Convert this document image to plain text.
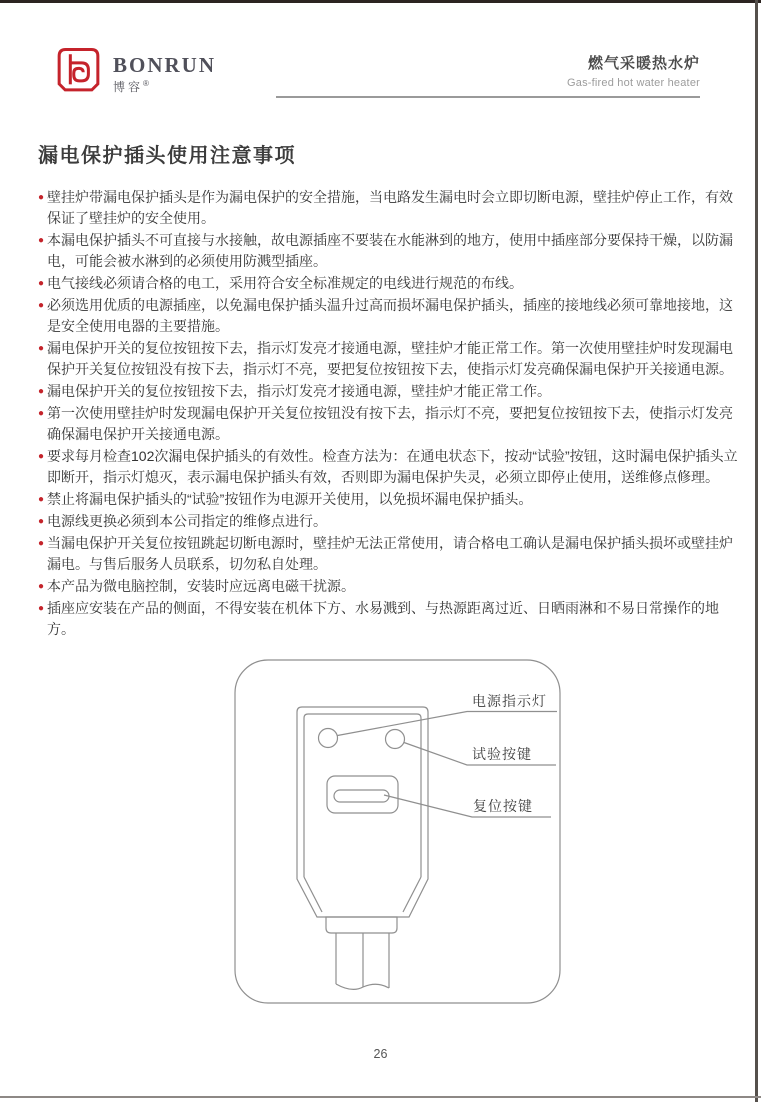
BONRUN
博容®
燃气采暖热水炉
Gas-fired hot water heater
漏电保护插头使用注意事项
● 壁挂炉带漏电保护插头是作为漏电保护的安全措施，当电路发生漏电时会立即切断电源，壁挂炉停止工作，有效保证了壁挂炉的安全使用。
● 本漏电保护插头不可直接与水接触，故电源插座不要装在水能淋到的地方，使用中插座部分要保持干燥，以防漏电，可能会被水淋到的必须使用防溅型插座。
● 电气接线必须请合格的电工，采用符合安全标准规定的电线进行规范的布线。
● 必须选用优质的电源插座，以免漏电保护插头温升过高而损坏漏电保护插头，插座的接地线必须可靠地接地，这是安全使用电器的主要措施。
● 漏电保护开关的复位按钮按下去，指示灯发亮才接通电源，壁挂炉才能正常工作。第一次使用壁挂炉时发现漏电保护开关复位按钮没有按下去，指示灯不亮，要把复位按钮按下去，使指示灯发亮确保漏电保护开关接通电源。
● 漏电保护开关的复位按钮按下去，指示灯发亮才接通电源，壁挂炉才能正常工作。
● 第一次使用壁挂炉时发现漏电保护开关复位按钮没有按下去，指示灯不亮，要把复位按钮按下去，使指示灯发亮确保漏电保护开关接通电源。
● 要求每月检查102次漏电保护插头的有效性。检查方法为：在通电状态下，按动“试验”按钮，这时漏电保护插头立即断开，指示灯熄灭，表示漏电保护插头有效，否则即为漏电保护失灵，必须立即停止使用，送维修点修理。
● 禁止将漏电保护插头的“试验”按钮作为电源开关使用，以免损坏漏电保护插头。
● 电源线更换必须到本公司指定的维修点进行。
● 当漏电保护开关复位按钮跳起切断电源时，壁挂炉无法正常使用，请合格电工确认是漏电保护插头损坏或壁挂炉漏电。与售后服务人员联系，切勿私自处理。
● 本产品为微电脑控制，安装时应远离电磁干扰源。
● 插座应安装在产品的侧面，不得安装在机体下方、水易溅到、与热源距离过近、日晒雨淋和不易日常操作的地方。
电源指示灯
试验按键
复位按键
26
